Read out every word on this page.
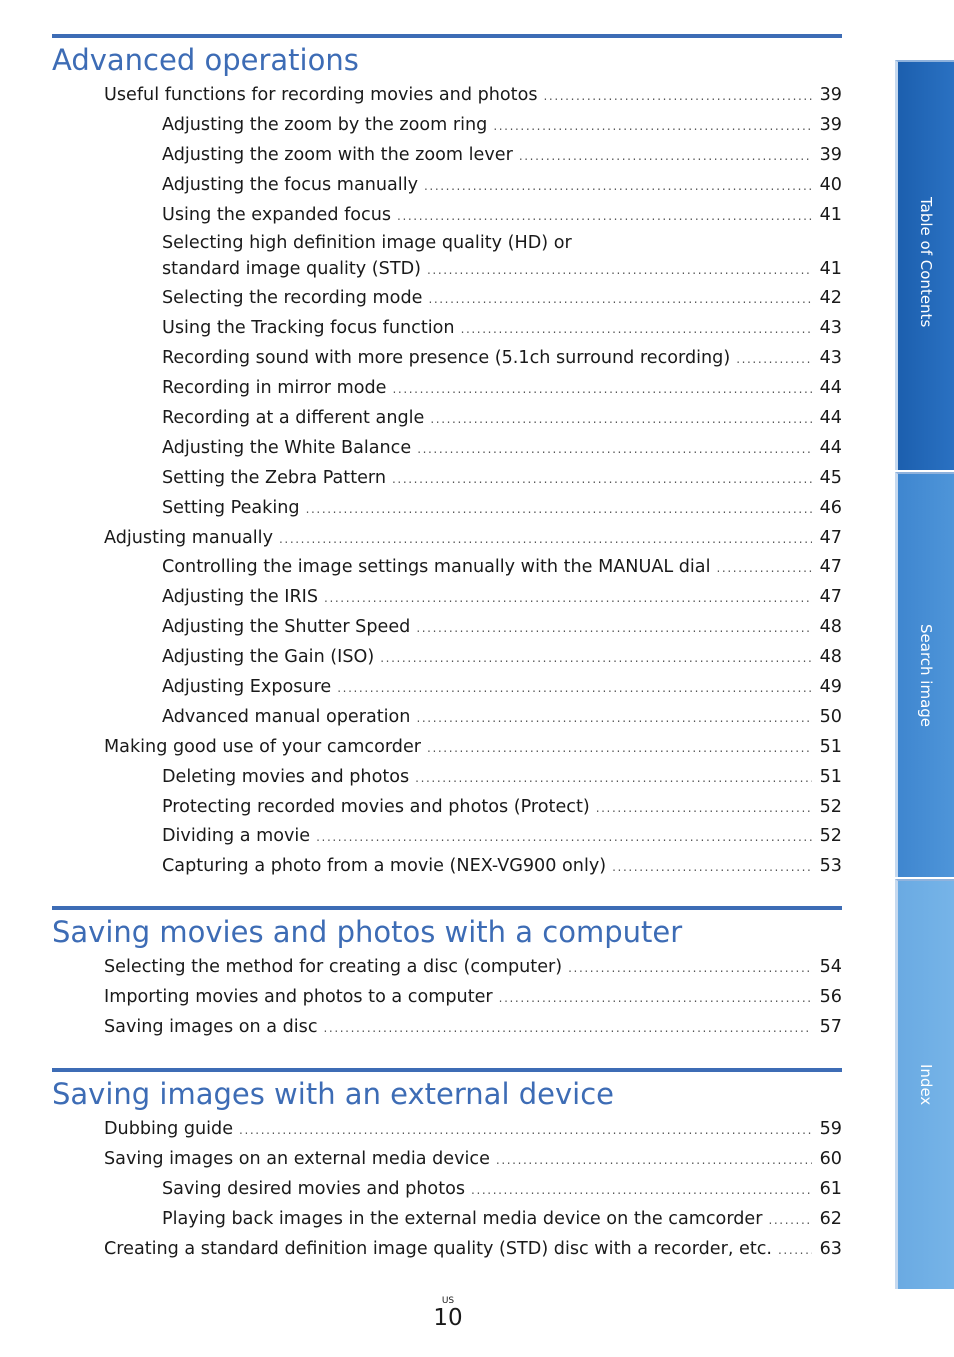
Advanced operations
Useful functions for recording movies and photos .....	39
Adjusting the zoom by the zoom ring .....	39
Adjusting the zoom with the zoom lever .....	39
Adjusting the focus manually .....	40
Using the expanded focus .....	41
Selecting high definition image quality (HD) or
standard image quality (STD) .....	41
Selecting the recording mode .....	42
Using the Tracking focus function .....	43
Recording sound with more presence (5.1ch surround recording) .....	43
Recording in mirror mode .....	44
Recording at a different angle .....	44
Adjusting the White Balance .....	44
Setting the Zebra Pattern .....	45
Setting Peaking .....	46
Adjusting manually .....	47
Controlling the image settings manually with the MANUAL dial .....	47
Adjusting the IRIS .....	47
Adjusting the Shutter Speed .....	48
Adjusting the Gain (ISO) .....	48
Adjusting Exposure .....	49
Advanced manual operation .....	50
Making good use of your camcorder .....	51
Deleting movies and photos .....	51
Protecting recorded movies and photos (Protect) .....	52
Dividing a movie .....	52
Capturing a photo from a movie (NEX-VG900 only) .....	53
Saving movies and photos with a computer
Selecting the method for creating a disc (computer) .....	54
Importing movies and photos to a computer .....	56
Saving images on a disc .....	57
Saving images with an external device
Dubbing guide .....	59
Saving images on an external media device .....	60
Saving desired movies and photos .....	61
Playing back images in the external media device on the camcorder .....	62
Creating a standard definition image quality (STD) disc with a recorder, etc. .....	63
Table of Contents
Search image
Index
US
10
